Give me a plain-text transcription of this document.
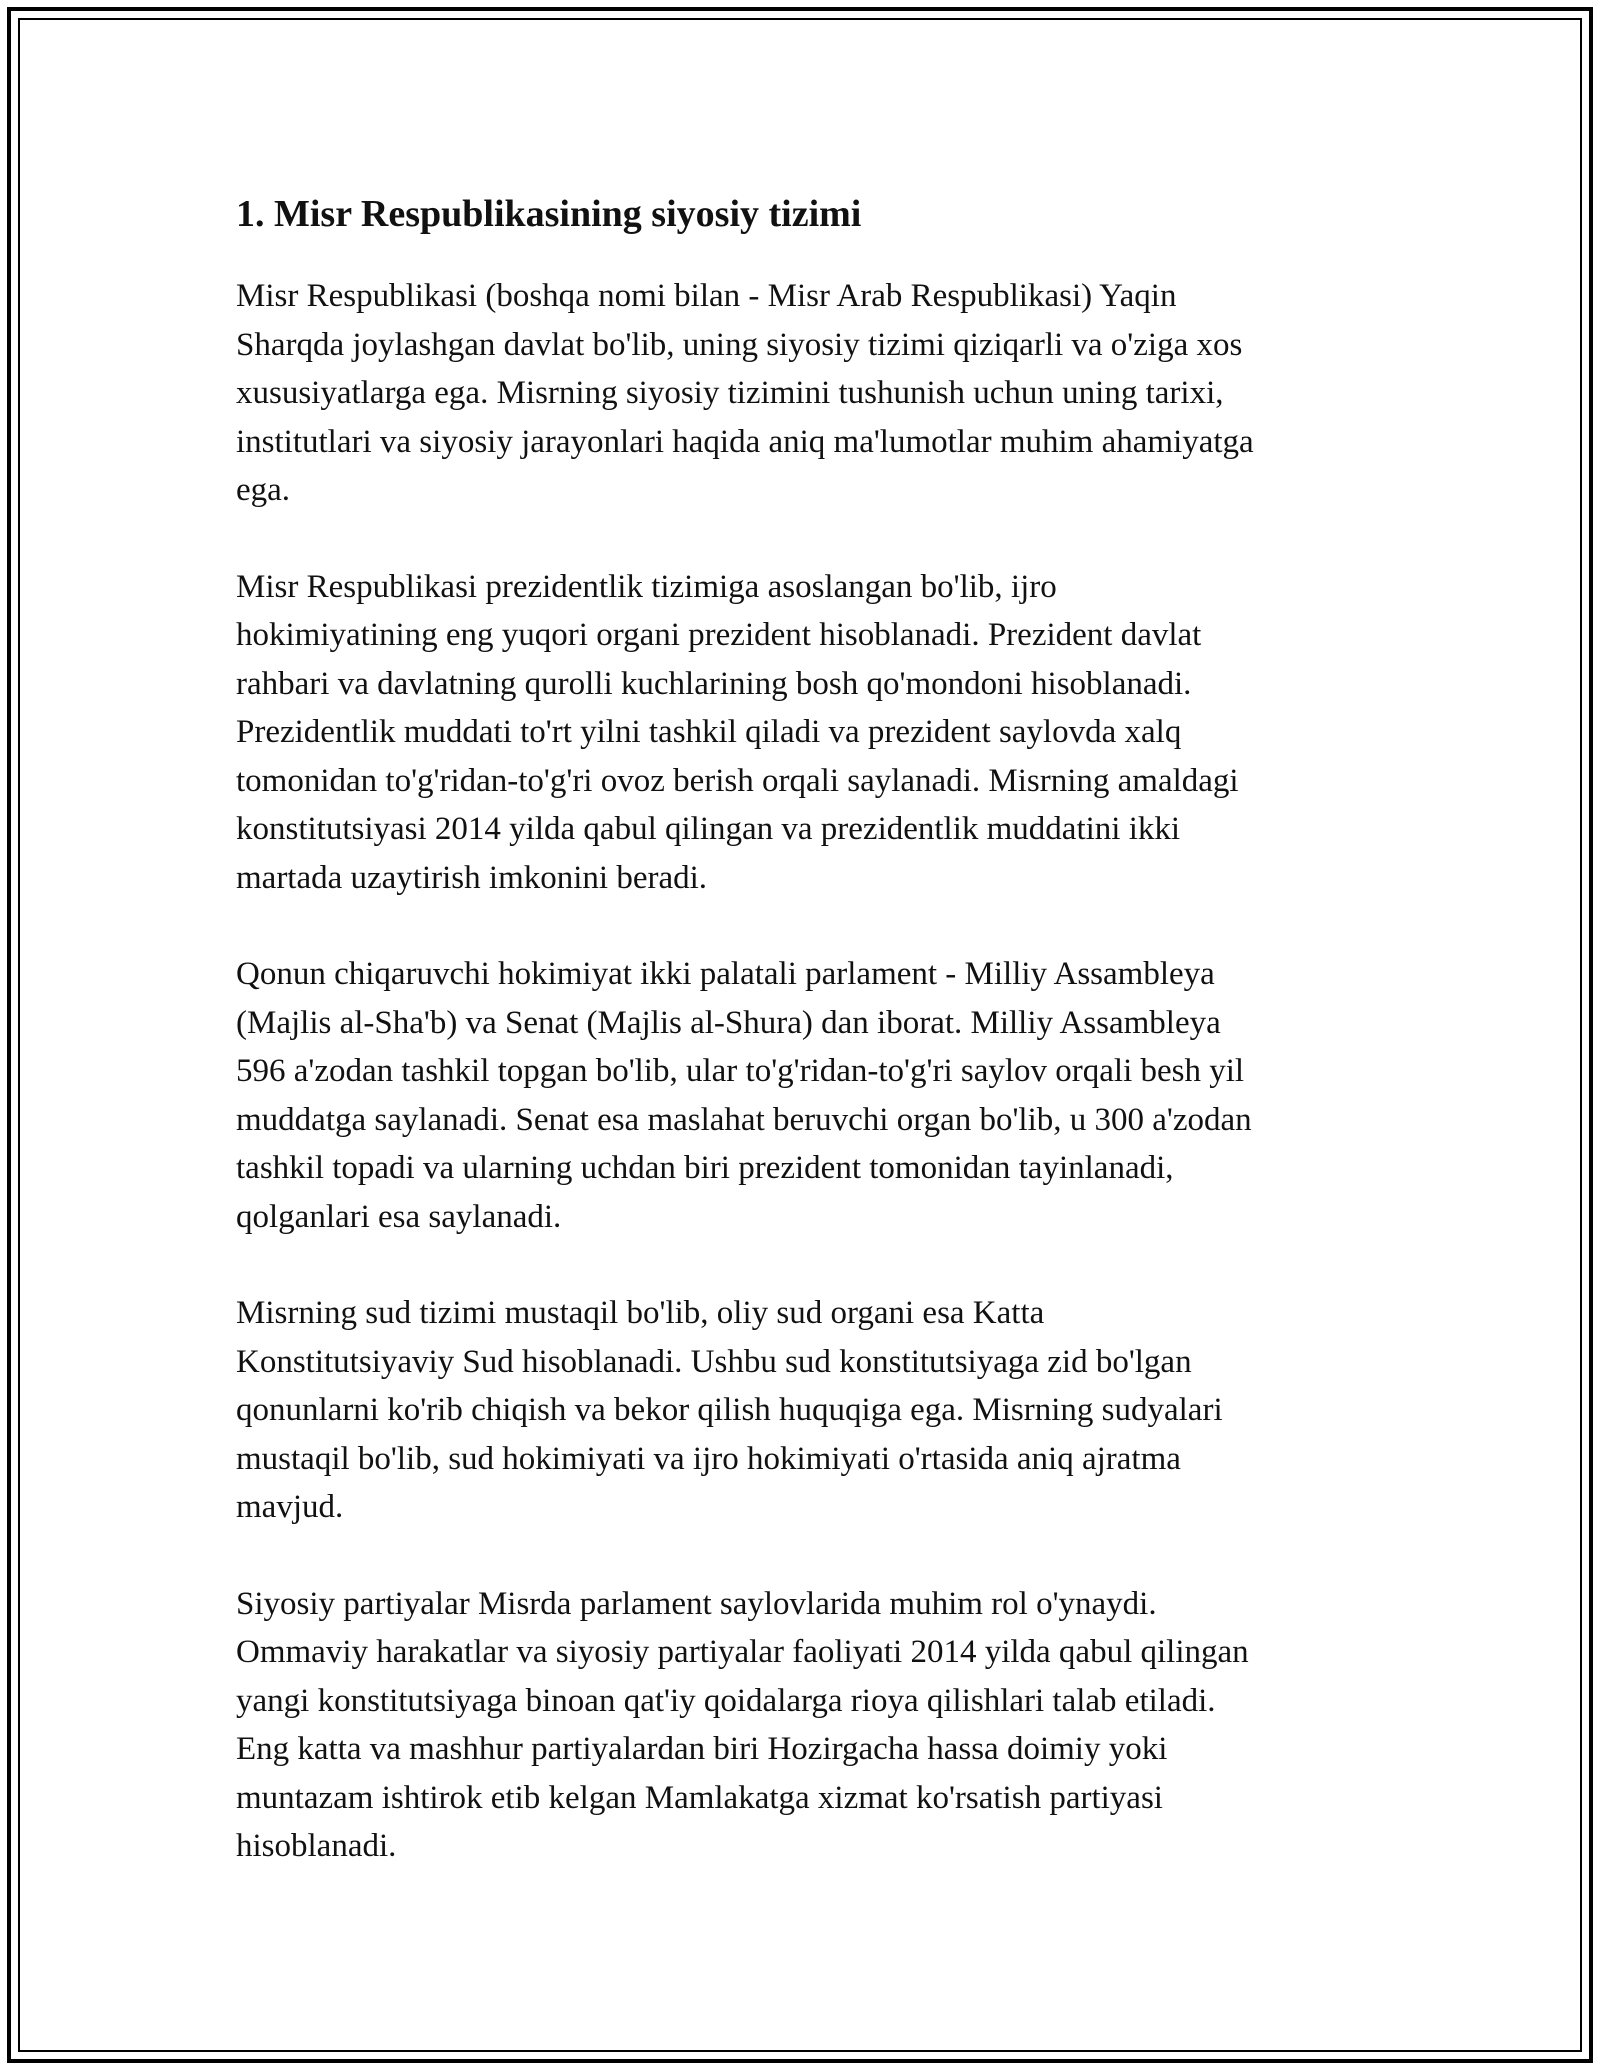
1. Misr Respublikasining siyosiy tizimi

Misr Respublikasi (boshqa nomi bilan - Misr Arab Respublikasi) Yaqin
Sharqda joylashgan davlat bo'lib, uning siyosiy tizimi qiziqarli va o'ziga xos
xususiyatlarga ega. Misrning siyosiy tizimini tushunish uchun uning tarixi,
institutlari va siyosiy jarayonlari haqida aniq ma'lumotlar muhim ahamiyatga
ega.

Misr Respublikasi prezidentlik tizimiga asoslangan bo'lib, ijro
hokimiyatining eng yuqori organi prezident hisoblanadi. Prezident davlat
rahbari va davlatning qurolli kuchlarining bosh qo'mondoni hisoblanadi.
Prezidentlik muddati to'rt yilni tashkil qiladi va prezident saylovda xalq
tomonidan to'g'ridan-to'g'ri ovoz berish orqali saylanadi. Misrning amaldagi
konstitutsiyasi 2014 yilda qabul qilingan va prezidentlik muddatini ikki
martada uzaytirish imkonini beradi.

Qonun chiqaruvchi hokimiyat ikki palatali parlament - Milliy Assambleya
(Majlis al-Sha'b) va Senat (Majlis al-Shura) dan iborat. Milliy Assambleya
596 a'zodan tashkil topgan bo'lib, ular to'g'ridan-to'g'ri saylov orqali besh yil
muddatga saylanadi. Senat esa maslahat beruvchi organ bo'lib, u 300 a'zodan
tashkil topadi va ularning uchdan biri prezident tomonidan tayinlanadi,
qolganlari esa saylanadi.

Misrning sud tizimi mustaqil bo'lib, oliy sud organi esa Katta
Konstitutsiyaviy Sud hisoblanadi. Ushbu sud konstitutsiyaga zid bo'lgan
qonunlarni ko'rib chiqish va bekor qilish huquqiga ega. Misrning sudyalari
mustaqil bo'lib, sud hokimiyati va ijro hokimiyati o'rtasida aniq ajratma
mavjud.

Siyosiy partiyalar Misrda parlament saylovlarida muhim rol o'ynaydi.
Ommaviy harakatlar va siyosiy partiyalar faoliyati 2014 yilda qabul qilingan
yangi konstitutsiyaga binoan qat'iy qoidalarga rioya qilishlari talab etiladi.
Eng katta va mashhur partiyalardan biri Hozirgacha hassa doimiy yoki
muntazam ishtirok etib kelgan Mamlakatga xizmat ko'rsatish partiyasi
hisoblanadi.
